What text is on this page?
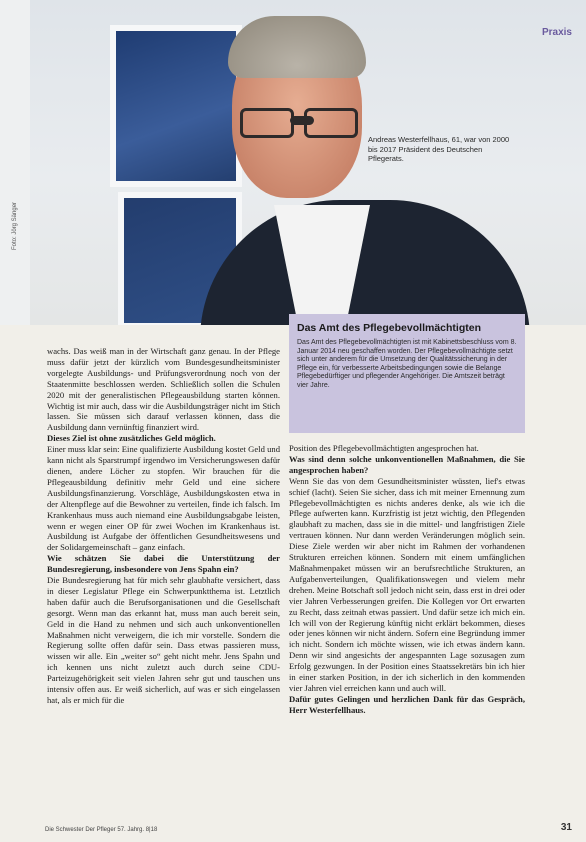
Foto: Jörg Sänger
Praxis
Andreas Westerfellhaus, 61, war von 2000 bis 2017 Präsident des Deutschen Pflegerats.
Das Amt des Pflegebevollmächtigten

Das Amt des Pflegebevollmächtigten ist mit Kabinettsbeschluss vom 8. Januar 2014 neu geschaffen worden. Der Pflegebevollmächtigte setzt sich unter anderem für die Umsetzung der Qualitätssicherung in der Pflege ein, für verbesserte Arbeitsbedingungen sowie die Belange Pflegebedürftiger und pflegender Angehöriger. Die Amtszeit beträgt vier Jahre.

wachs. Das weiß man in der Wirtschaft ganz genau. In der Pflege muss dafür jetzt der kürzlich vom Bundesgesundheitsminister vorgelegte Ausbildungs- und Prüfungsverordnung noch von der Staatenmitte beschlossen werden. Schließlich sollen die Schulen 2020 mit der generalistischen Pflegeausbildung starten können. Wichtig ist mir auch, dass wir die Ausbildungsträger nicht im Stich lassen. Sie müssen sich darauf verlassen können, dass die Ausbildung dann vernünftig finanziert wird.

Dieses Ziel ist ohne zusätzliches Geld möglich.

Einer muss klar sein: Eine qualifizierte Ausbildung kostet Geld und kann nicht als Sparstrumpf irgendwo im Versicherungswesen dafür dienen, andere Löcher zu stopfen. Wir brauchen für die Pflegeausbildung definitiv mehr Geld und eine sichere Ausbildungsfinanzierung. Vorschläge, Ausbildungskosten etwa in der Altenpflege auf die Bewohner zu verteilen, finde ich falsch. Im Krankenhaus muss auch niemand eine Ausbildungsabgabe leisten, wenn er wegen einer OP für zwei Wochen im Krankenhaus ist. Ausbildung ist Aufgabe der öffentlichen Gesundheitswesens und der Solidargemeinschaft – ganz einfach.

Wie schätzen Sie dabei die Unterstützung der Bundesregierung, insbesondere von Jens Spahn ein?

Die Bundesregierung hat für mich sehr glaubhafte versichert, dass in dieser Legislatur Pflege ein Schwerpunktthema ist. Letztlich haben dafür auch die Berufsorganisationen und die Gesellschaft gesorgt. Wenn man das erkannt hat, muss man auch bereit sein, Geld in die Hand zu nehmen und sich auch unkonventionellen Maßnahmen nicht verweigern, die ich mir vorstelle. Sondern die Regierung sollte offen dafür sein. Dass etwas passieren muss, wissen wir alle. Ein „weiter so“ geht nicht mehr. Jens Spahn und ich kennen uns nicht zuletzt auch durch seine CDU-Parteizugehörigkeit seit vielen Jahren sehr gut und tauschen uns intensiv offen aus. Er weiß sicherlich, auf was er sich eingelassen hat, als er mich für die

Position des Pflegebevollmächtigten angesprochen hat.

Was sind denn solche unkonventionellen Maßnahmen, die Sie angesprochen haben?

Wenn Sie das von dem Gesundheitsminister wüssten, lief's etwas schief (lacht). Seien Sie sicher, dass ich mit meiner Ernennung zum Pflegebevollmächtigten es nichts anderes denke, als wie ich die Pflege aufwerten kann. Kurzfristig ist jetzt wichtig, den Pflegenden glaubhaft zu machen, dass sie in die mittel- und langfristigen Ziele vertrauen können. Nur dann werden Veränderungen möglich sein. Diese Ziele werden wir aber nicht im Rahmen der vorhandenen Strukturen erreichen können. Sondern mit einem umfänglichen Maßnahmenpaket müssen wir an berufsrechtliche Strukturen, an Aufgabenverteilungen, Qualifikationswegen und vielem mehr drehen. Meine Botschaft soll jedoch nicht sein, dass erst in drei oder vier Jahren Verbesserungen greifen. Die Kollegen vor Ort erwarten zu Recht, dass zeitnah etwas passiert. Und dafür setze ich mich ein. Ich will von der Regierung künftig nicht erklärt bekommen, dieses oder jenes können wir nicht ändern. Sofern eine Begründung immer ich nicht. Sondern ich möchte wissen, wie ich etwas ändern kann. Denn wir sind angesichts der angespannten Lage sozusagen zum Erfolg gezwungen. In der Position eines Staatssekretärs bin ich hier in einer starken Position, in der ich sicherlich in den kommenden vier Jahren viel erreichen kann und auch will.

Dafür gutes Gelingen und herzlichen Dank für das Gespräch, Herr Westerfellhaus.

Die Schwester Der Pfleger 57. Jahrg. 8|18	31
